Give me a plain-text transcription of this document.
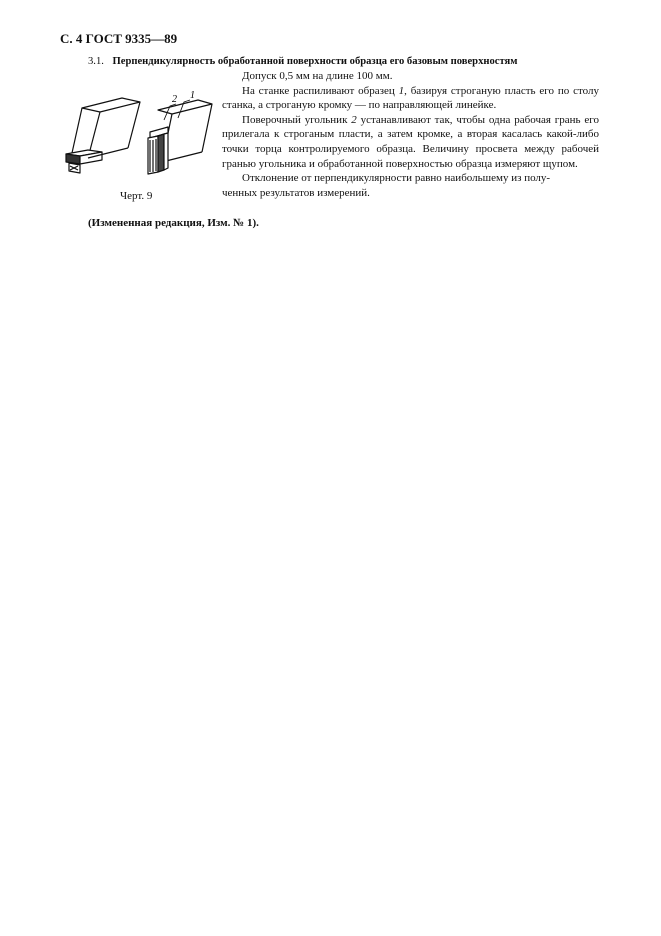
С. 4 ГОСТ 9335—89
3.1. Перпендикулярность обработанной поверхности образца его базовым поверхностям
2 1
Черт. 9

Допуск 0,5 мм на длине 100 мм.

На станке распиливают образец 1, базируя строганую пласть его по столу станка, а строганую кромку — по направляющей линейке.

Поверочный угольник 2 устанавливают так, чтобы одна рабочая грань его прилегала к строганым пласти, а затем кромке, а вторая касалась какой-либо точки торца контролируемого образца. Величину просвета между рабочей гранью угольника и обработанной поверхностью образца измеряют щупом.

Отклонение от перпендикулярности равно наибольшему из полу-

ченных результатов измерений.

(Измененная редакция, Изм. № 1).
